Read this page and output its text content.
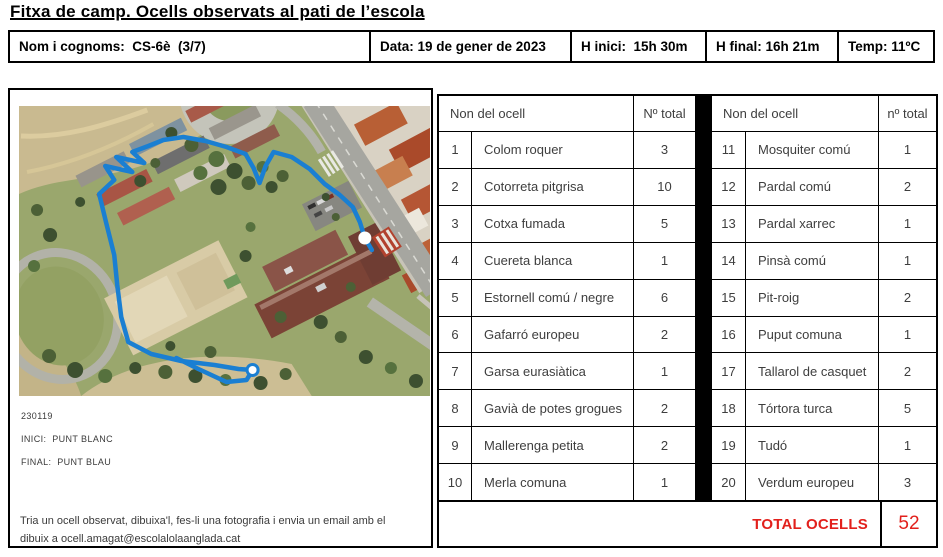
Fitxa de camp. Ocells observats al pati de l’escola
Nom i cognoms:  CS-6è  (3/7)	Data: 19 de gener de 2023	H inici:  15h 30m	H final: 16h 21m	Temp: 11ºC
230119
INICI:  PUNT BLANC
FINAL:  PUNT BLAU
Tria un ocell observat, dibuixa'l, fes-li una fotografia i envia un email amb el dibuix a ocell.amagat@escolalolaanglada.cat
Non del ocell	Nº total
1	Colom roquer	3
2	Cotorreta pitgrisa	10
3	Cotxa fumada	5
4	Cuereta blanca	1
5	Estornell comú / negre	6
6	Gafarró europeu	2
7	Garsa eurasiàtica	1
8	Gavià de potes grogues	2
9	Mallerenga petita	2
10	Merla comuna	1
Non del ocell	nº total
11	Mosquiter comú	1
12	Pardal comú	2
13	Pardal xarrec	1
14	Pinsà comú	1
15	Pit-roig	2
16	Puput comuna	1
17	Tallarol de casquet	2
18	Tórtora turca	5
19	Tudó	1
20	Verdum europeu	3
TOTAL OCELLS	52
